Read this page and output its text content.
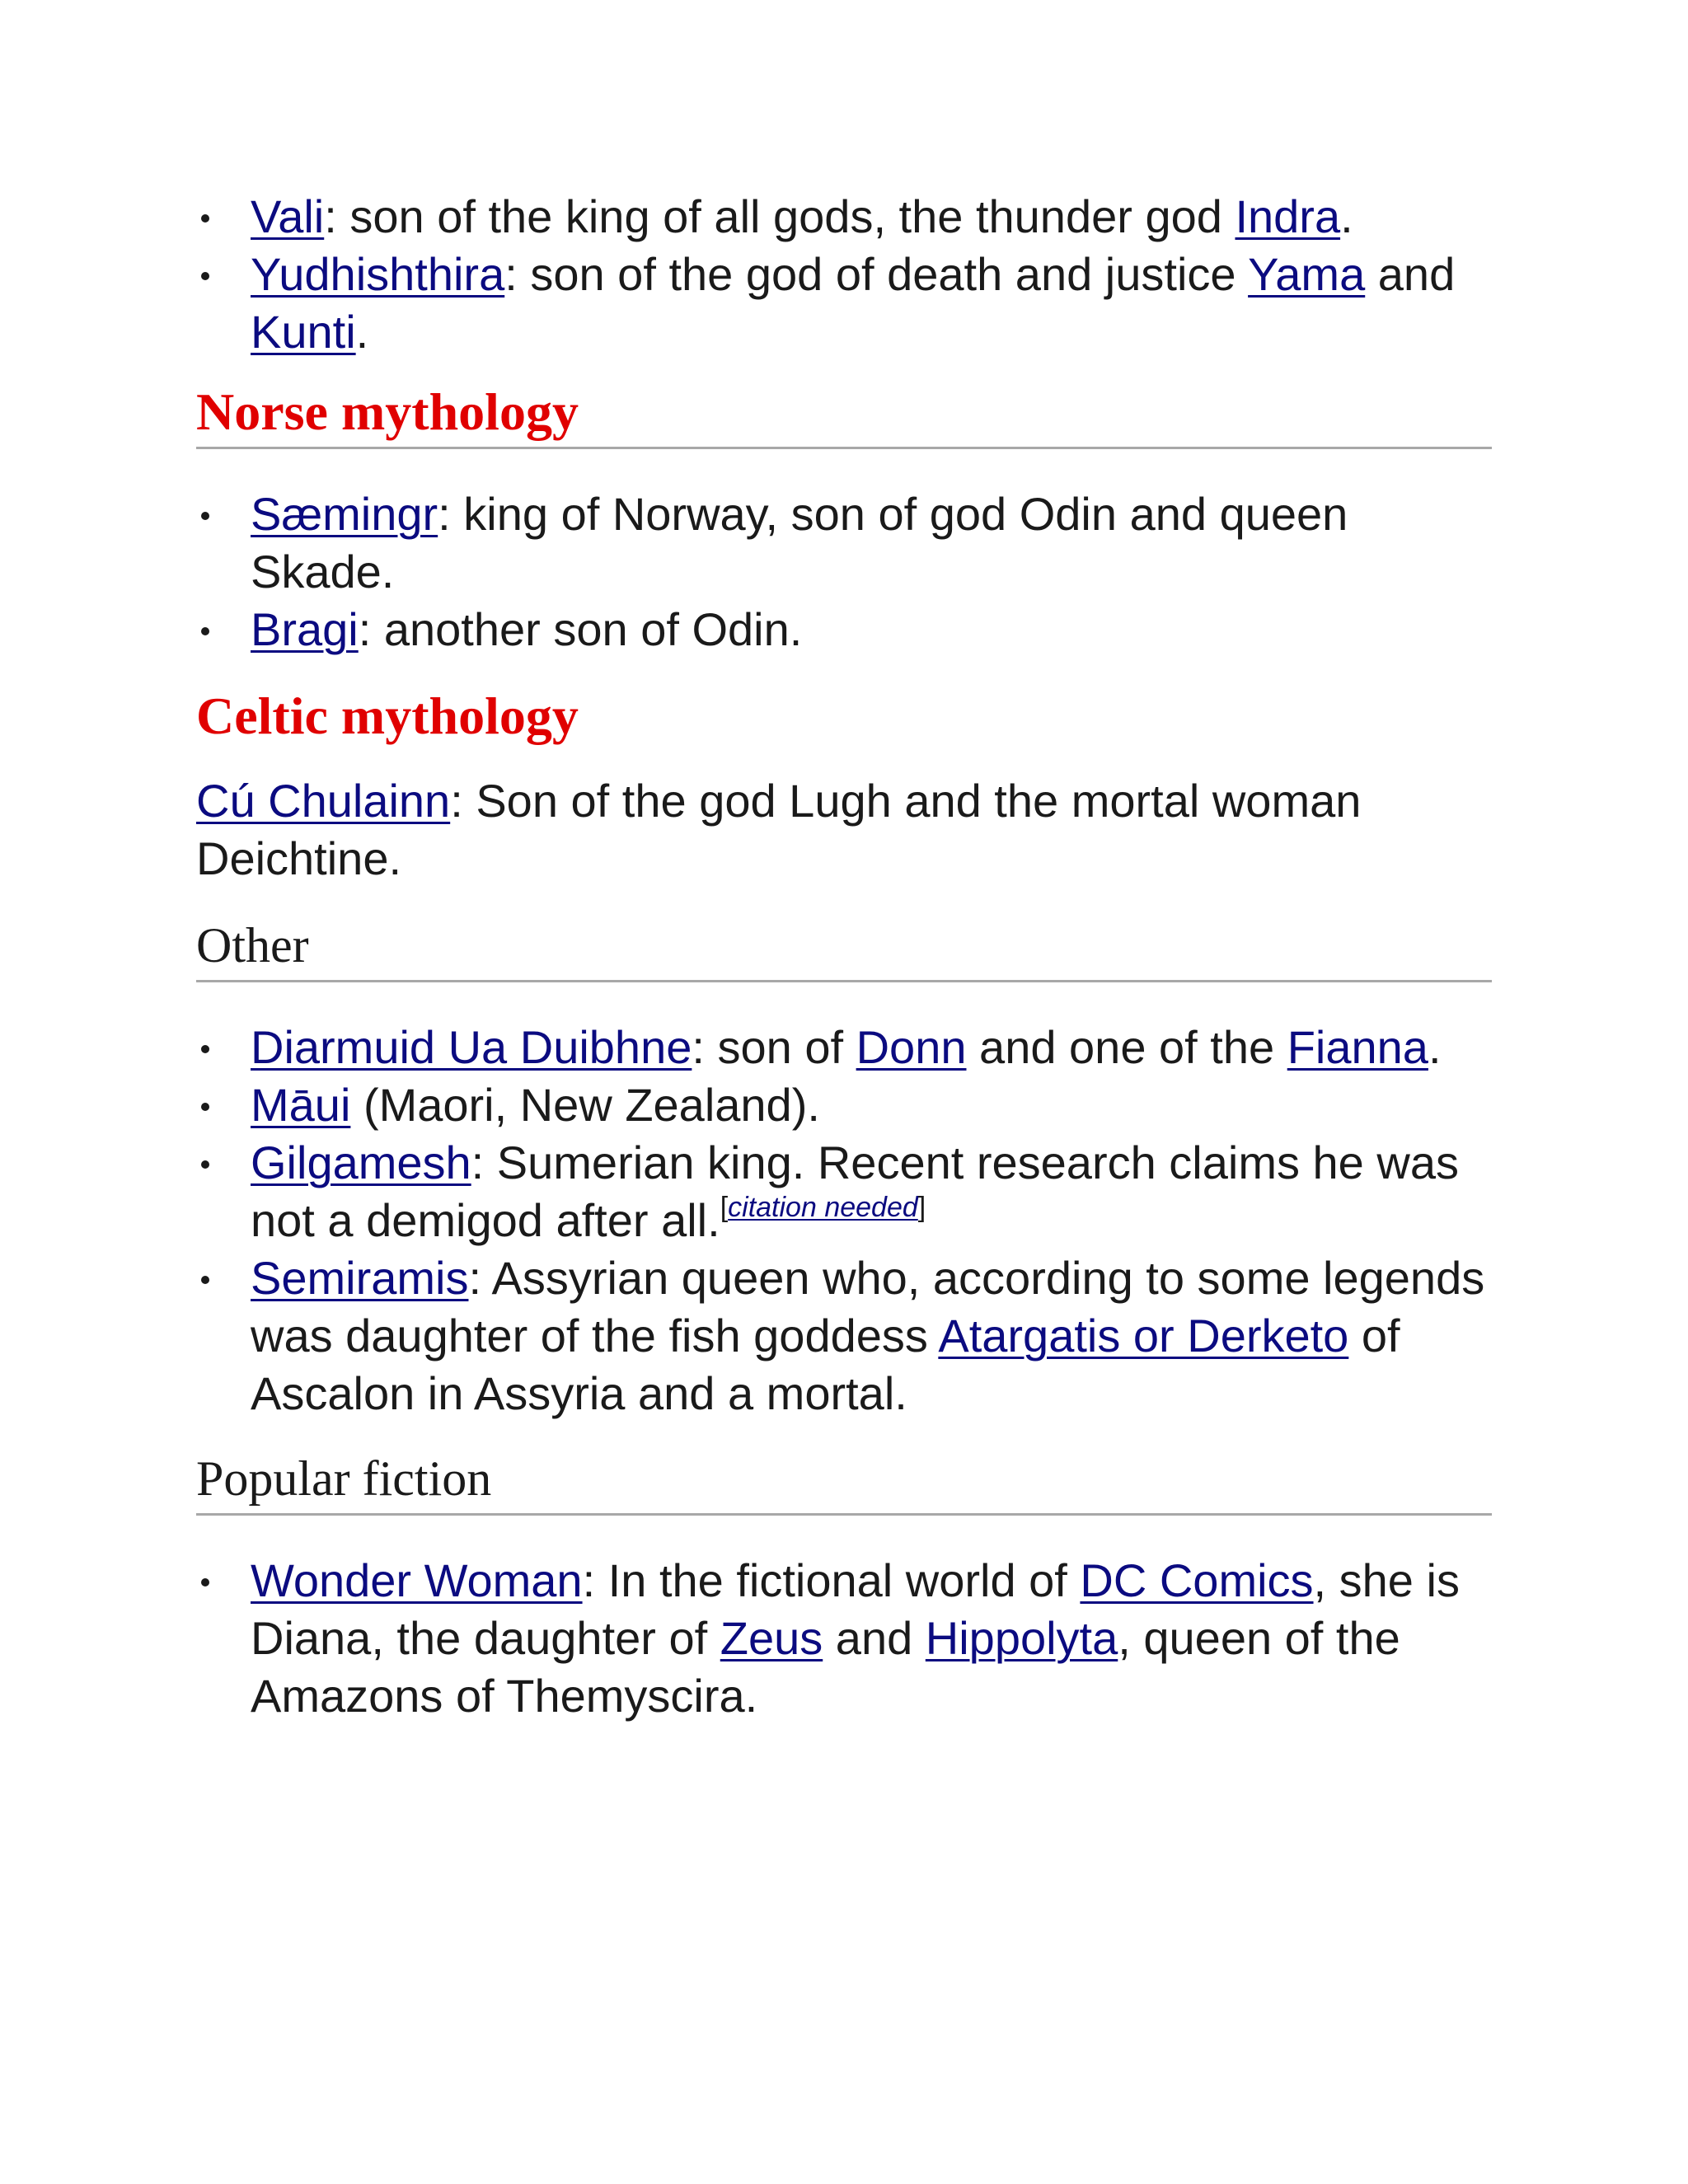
Vali: son of the king of all gods, the thunder god Indra.
Yudhishthira: son of the god of death and justice Yama and Kunti.
Norse mythology
Sæmingr: king of Norway, son of god Odin and queen Skade.
Bragi: another son of Odin.
Celtic mythology

Cú Chulainn: Son of the god Lugh and the mortal woman Deichtine.

Other
Diarmuid Ua Duibhne: son of Donn and one of the Fianna.
Māui (Maori, New Zealand).
Gilgamesh: Sumerian king. Recent research claims he was not a demigod after all.[citation needed]
Semiramis: Assyrian queen who, according to some legends was daughter of the fish goddess Atargatis or Derketo of Ascalon in Assyria and a mortal.
Popular fiction
Wonder Woman: In the fictional world of DC Comics, she is Diana, the daughter of Zeus and Hippolyta, queen of the Amazons of Themyscira.
